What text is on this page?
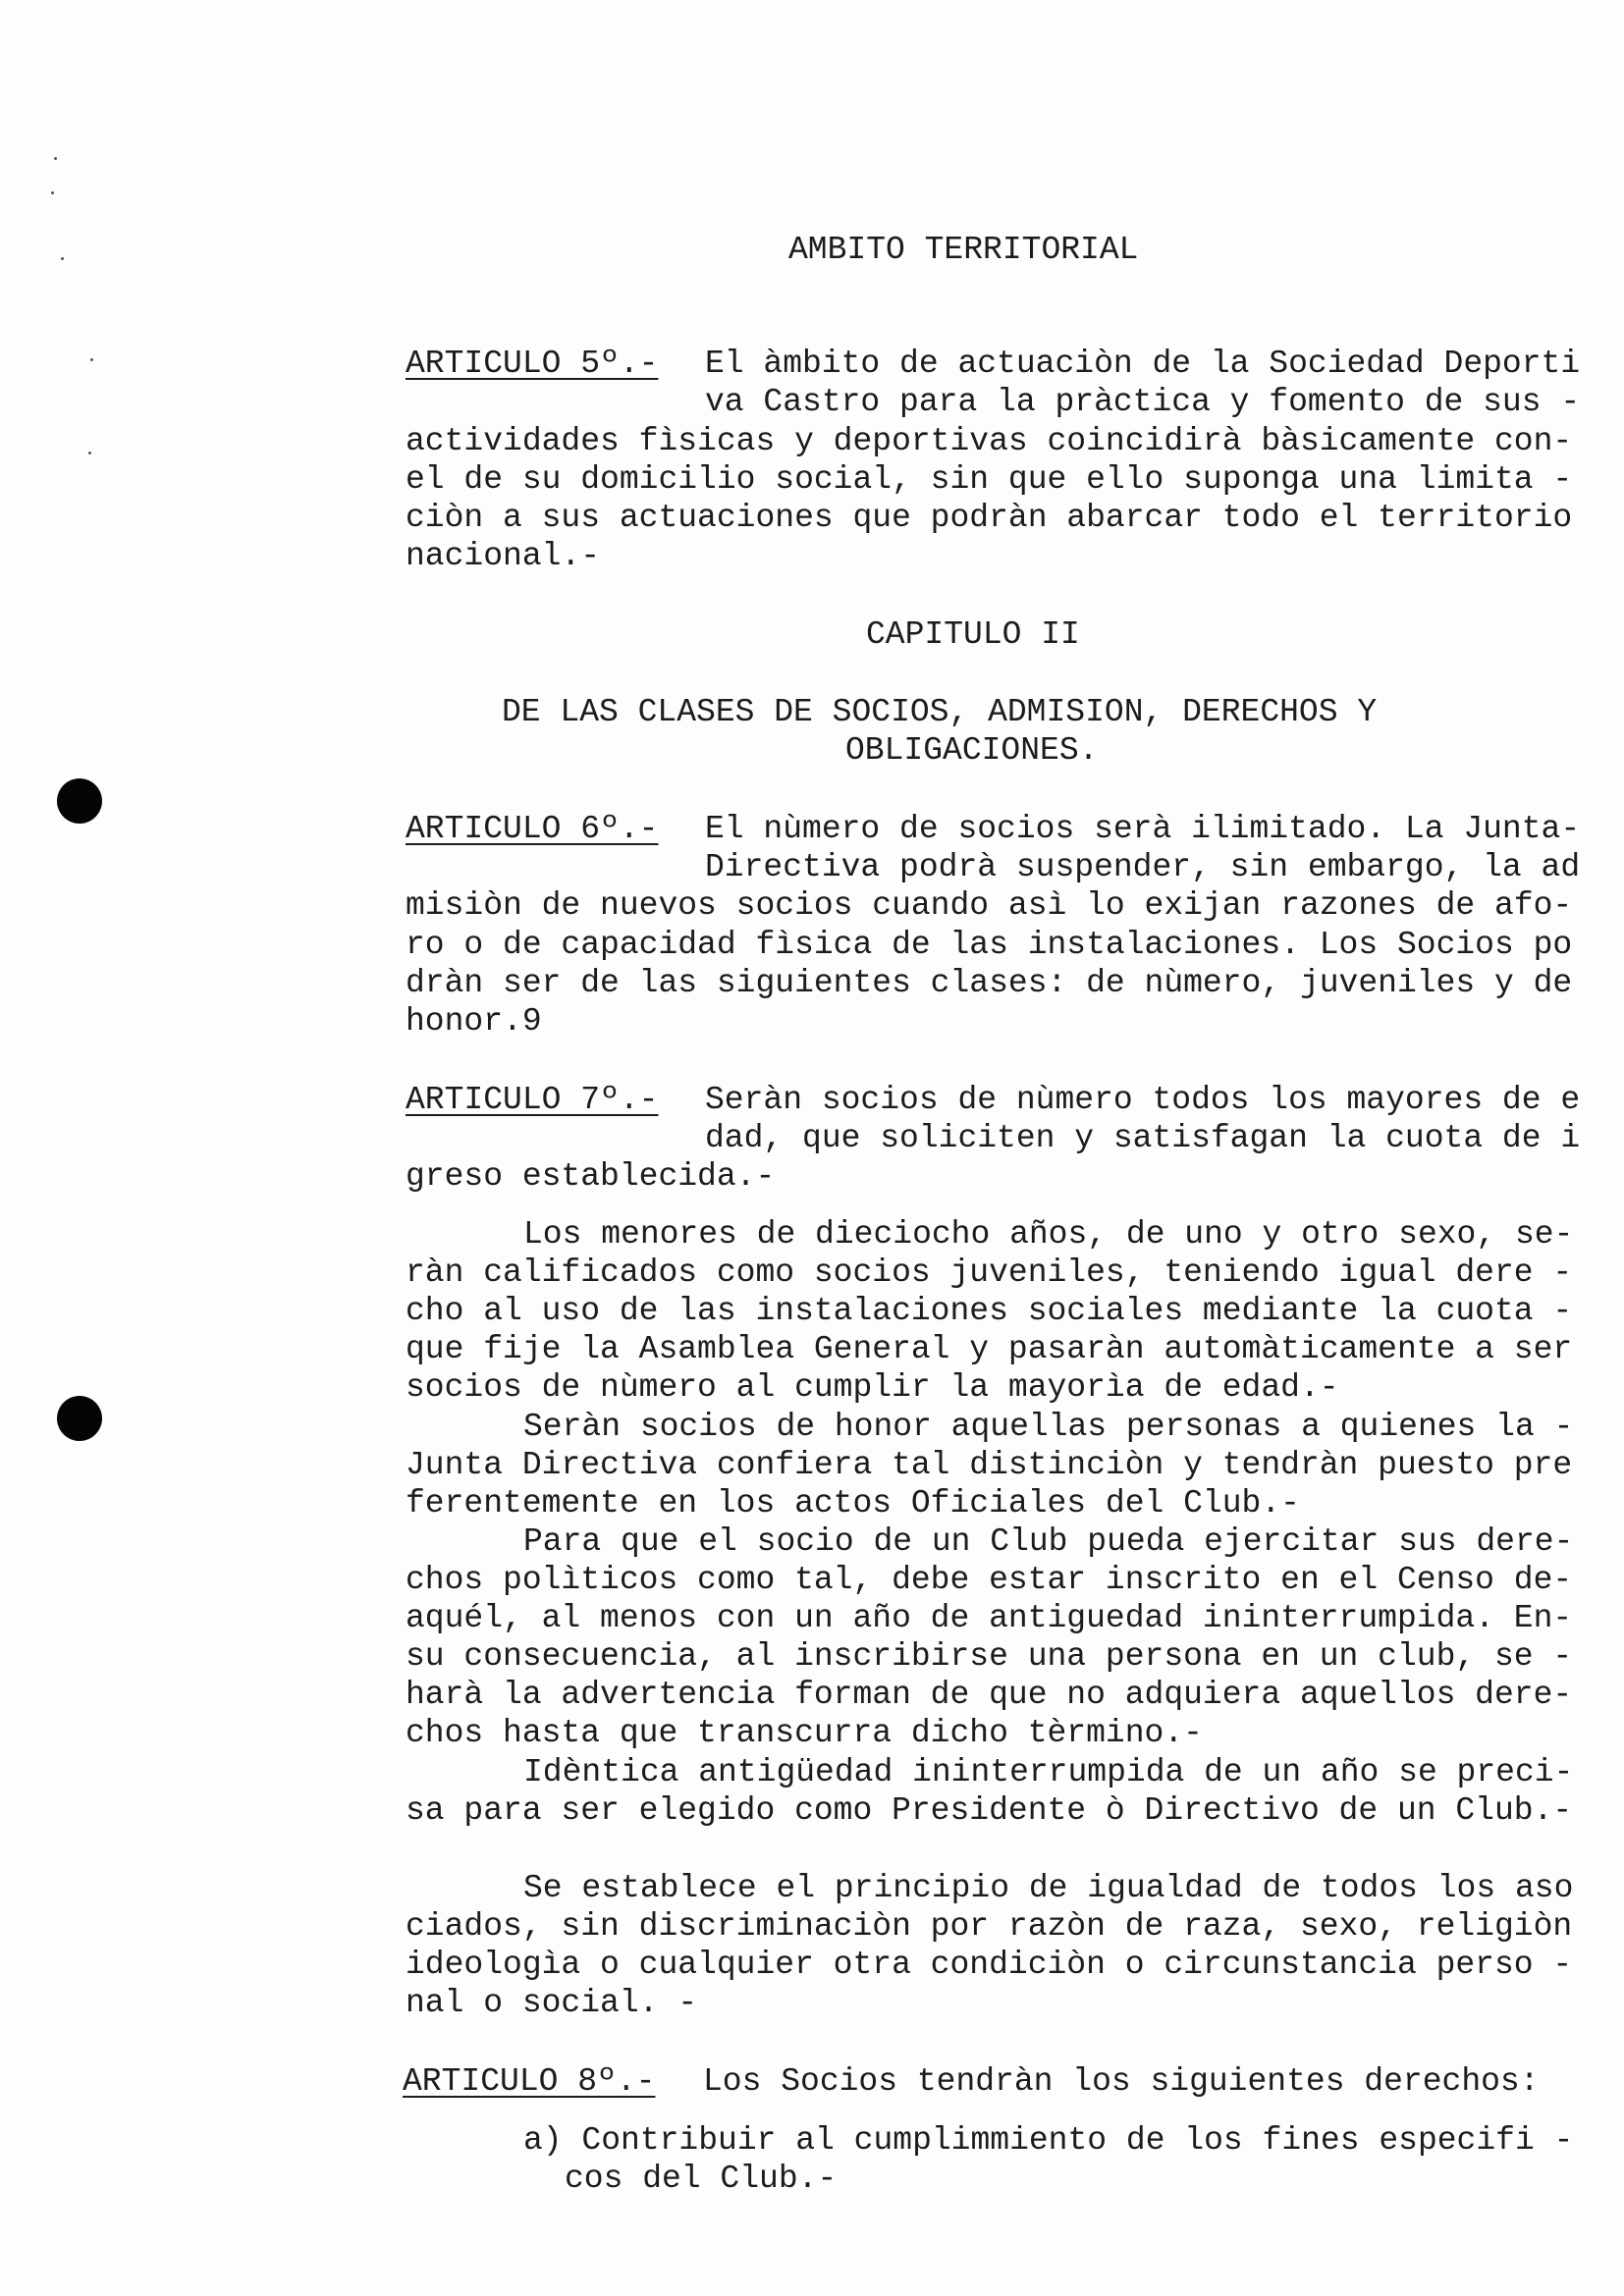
AMBITO TERRITORIAL
ARTICULO 5º.- El àmbito de actuaciòn de la Sociedad Deporti
va Castro para la pràctica y fomento de sus -
actividades fìsicas y deportivas coincidirà bàsicamente con-
el de su domicilio social, sin que ello suponga una limita -
ciòn a sus actuaciones que podràn abarcar todo el territorio
nacional.-
CAPITULO II
DE LAS CLASES DE SOCIOS, ADMISION, DERECHOS Y
OBLIGACIONES.
ARTICULO 6º.- El nùmero de socios serà ilimitado. La Junta-
Directiva podrà suspender, sin embargo, la ad
misiòn de nuevos socios cuando asì lo exijan razones de afo-
ro o de capacidad fìsica de las instalaciones. Los Socios po
dràn ser de las siguientes clases: de nùmero, juveniles y de
honor.9
ARTICULO 7º.- Seràn socios de nùmero todos los mayores de e
dad, que soliciten y satisfagan la cuota de i
greso establecida.-
Los menores de dieciocho años, de uno y otro sexo, se-
ràn calificados como socios juveniles, teniendo igual dere -
cho al uso de las instalaciones sociales mediante la cuota -
que fije la Asamblea General y pasaràn automàticamente a ser
socios de nùmero al cumplir la mayorìa de edad.-
Seràn socios de honor aquellas personas a quienes la -
Junta Directiva confiera tal distinciòn y tendràn puesto pre
ferentemente en los actos Oficiales del Club.-
Para que el socio de un Club pueda ejercitar sus dere-
chos polìticos como tal, debe estar inscrito en el Censo de-
aquél, al menos con un año de antiguedad ininterrumpida. En-
su consecuencia, al inscribirse una persona en un club, se -
harà la advertencia forman de que no adquiera aquellos dere-
chos hasta que transcurra dicho tèrmino.-
Idèntica antigüedad ininterrumpida de un año se preci-
sa para ser elegido como Presidente ò Directivo de un Club.-
Se establece el principio de igualdad de todos los aso
ciados, sin discriminaciòn por razòn de raza, sexo, religiòn
ideologìa o cualquier otra condiciòn o circunstancia perso -
nal o social. -
ARTICULO 8º.- Los Socios tendràn los siguientes derechos:
a) Contribuir al cumplimmiento de los fines especifi -
cos del Club.-
